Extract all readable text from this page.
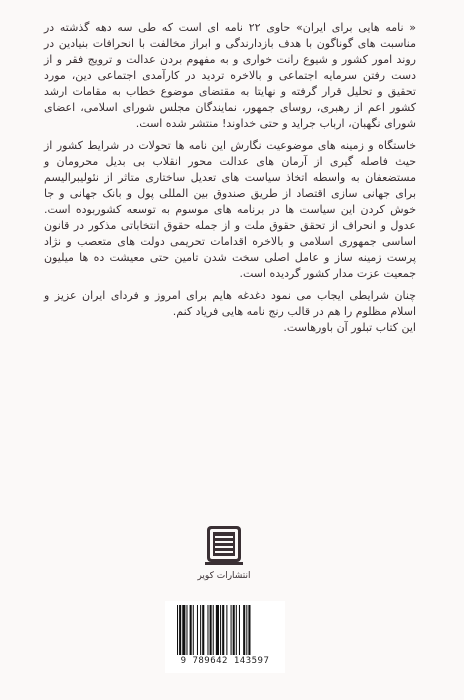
« نامه هایی برای ایران» حاوی ۲۲ نامه ای است که طی سه دهه گذشته در مناسبت های گوناگون با هدف بازدارندگی و ابراز مخالفت با انحرافات بنیادین در روند امور کشور و شیوع رانت خواری و به مفهوم بردن عدالت و ترویج فقر و از دست رفتن سرمایه اجتماعی و بالاخره تردید در کارآمدی اجتماعی دین، مورد تحقیق و تحلیل قرار گرفته و نهایتا به مقتضای موضوع خطاب به مقامات ارشد کشور اعم از رهبری، روسای جمهور، نمایندگان مجلس شورای اسلامی، اعضای شورای نگهبان، ارباب جراید و حتی خداوند! منتشر شده است.

خاستگاه و زمینه های موضوعیت نگارش این نامه ها تحولات در شرایط کشور از حیث فاصله گیری از آرمان های عدالت محور انقلاب بی بدیل محرومان و مستضعفان به واسطه اتخاذ سیاست های تعدیل ساختاری متاثر از نئولیبرالیسم برای جهانی سازی اقتصاد از طریق صندوق بین المللی پول و بانک جهانی و جا خوش کردن این سیاست ها در برنامه های موسوم به توسعه کشوربوده است. عدول و انحراف از تحقق حقوق ملت و از جمله حقوق انتخاباتی مذکور در قانون اساسی جمهوری اسلامی و بالاخره اقدامات تحریمی دولت های متعصب و نژاد پرست زمینه ساز و عامل اصلی سخت شدن تامین حتی معیشت ده ها میلیون جمعیت عزت مدار کشور گردیده است.

چنان شرایطی ایجاب می نمود دغدغه هایم برای امروز و فردای ایران عزیز و اسلام مظلوم را هم در قالب رنج نامه هایی فریاد کنم.

این کتاب تبلور آن باورهاست.

انتشارات کویر
9 789642 143597
